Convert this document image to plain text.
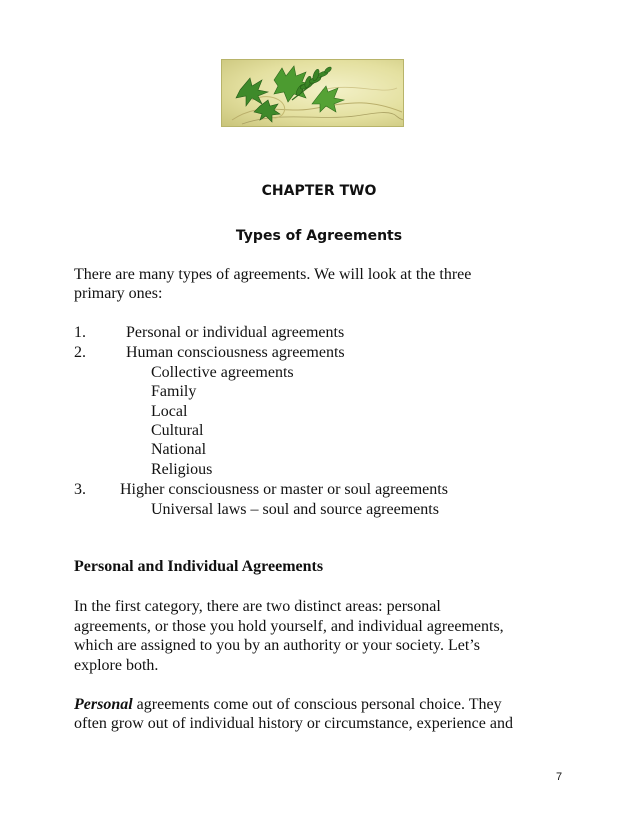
CHAPTER TWO
Types of Agreements
There are many types of agreements. We will look at the three
primary ones:
1.	Personal or individual agreements
2.	Human consciousness agreements
Collective agreements
Family
Local
Cultural
National
Religious
3. Higher consciousness or master or soul agreements
Universal laws – soul and source agreements
Personal and Individual Agreements
In the first category, there are two distinct areas: personal
agreements, or those you hold yourself, and individual agreements,
which are assigned to you by an authority or your society. Let’s
explore both.
Personal agreements come out of conscious personal choice. They
often grow out of individual history or circumstance, experience and
7
